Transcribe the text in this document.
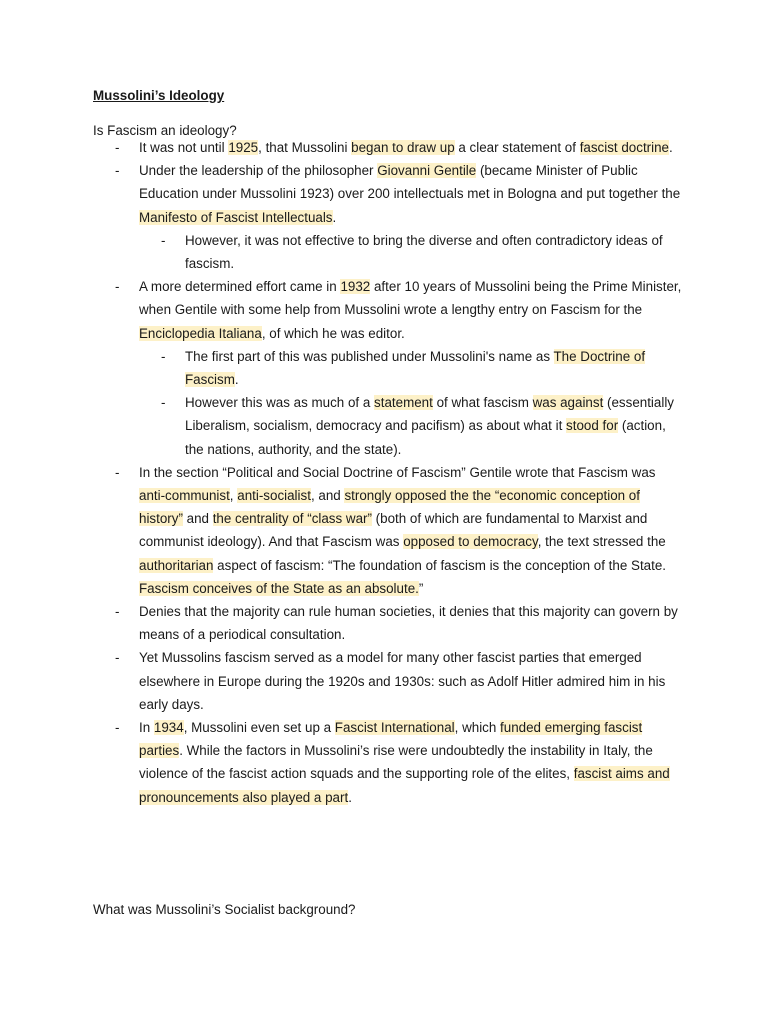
Mussolini’s Ideology
Is Fascism an ideology?
-	It was not until 1925, that Mussolini began to draw up a clear statement of fascist doctrine.
-	Under the leadership of the philosopher Giovanni Gentile (became Minister of Public Education under Mussolini 1923) over 200 intellectuals met in Bologna and put together the Manifesto of Fascist Intellectuals.
-	However, it was not effective to bring the diverse and often contradictory ideas of fascism.
-	A more determined effort came in 1932 after 10 years of Mussolini being the Prime Minister, when Gentile with some help from Mussolini wrote a lengthy entry on Fascism for the Enciclopedia Italiana, of which he was editor.
-	The first part of this was published under Mussolini's name as The Doctrine of Fascism.
-	However this was as much of a statement of what fascism was against (essentially Liberalism, socialism, democracy and pacifism) as about what it stood for (action, the nations, authority, and the state).
-	In the section “Political and Social Doctrine of Fascism” Gentile wrote that Fascism was anti-communist, anti-socialist, and strongly opposed the the “economic conception of history” and the centrality of “class war” (both of which are fundamental to Marxist and communist ideology). And that Fascism was opposed to democracy, the text stressed the authoritarian aspect of fascism: “The foundation of fascism is the conception of the State. Fascism conceives of the State as an absolute.”
-	Denies that the majority can rule human societies, it denies that this majority can govern by means of a periodical consultation.
-	Yet Mussolins fascism served as a model for many other fascist parties that emerged elsewhere in Europe during the 1920s and 1930s: such as Adolf Hitler admired him in his early days.
-	In 1934, Mussolini even set up a Fascist International, which funded emerging fascist parties. While the factors in Mussolini’s rise were undoubtedly the instability in Italy, the violence of the fascist action squads and the supporting role of the elites, fascist aims and pronouncements also played a part.
What was Mussolini’s Socialist background?
